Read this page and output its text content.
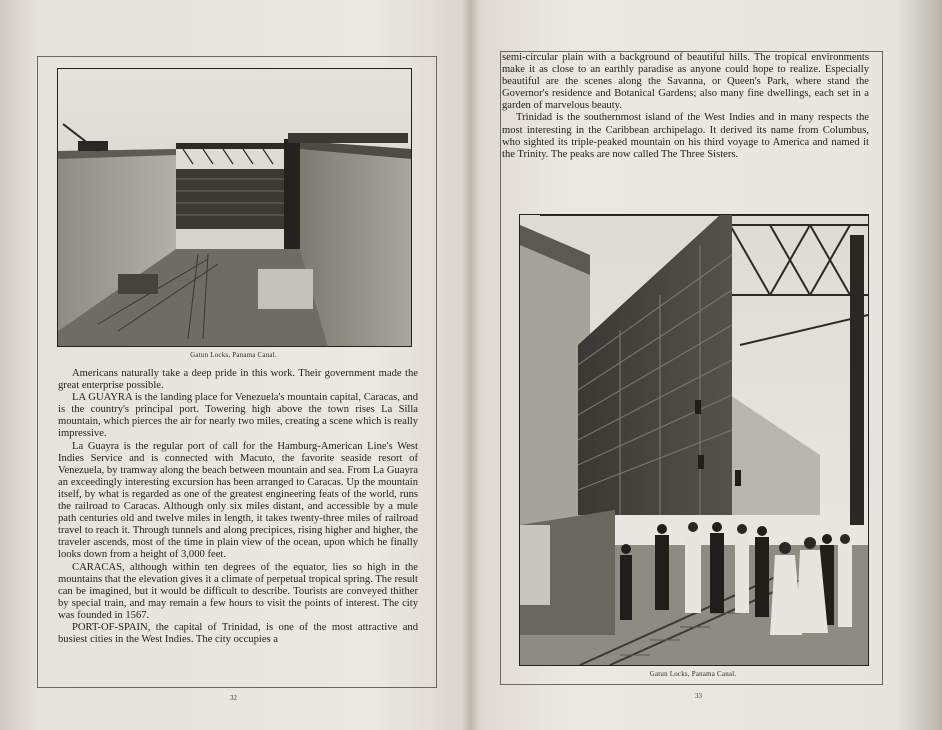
Gatun Locks, Panama Canal.

Americans naturally take a deep pride in this work. Their government made the great enterprise possible.

LA GUAYRA is the landing place for Venezuela's mountain capital, Caracas, and is the country's principal port. Towering high above the town rises La Silla mountain, which pierces the air for nearly two miles, creating a scene which is really impressive.

La Guayra is the regular port of call for the Hamburg-American Line's West Indies Service and is connected with Macuto, the favorite seaside resort of Venezuela, by tramway along the beach between mountain and sea. From La Guayra an exceedingly interesting excursion has been arranged to Caracas. Up the mountain itself, by what is regarded as one of the greatest engineering feats of the world, runs the railroad to Caracas. Although only six miles distant, and accessible by a mule path centuries old and twelve miles in length, it takes twenty-three miles of railroad travel to reach it. Through tunnels and along precipices, rising higher and higher, the traveler ascends, most of the time in plain view of the ocean, upon which he finally looks down from a height of 3,000 feet.

CARACAS, although within ten degrees of the equator, lies so high in the mountains that the elevation gives it a climate of perpetual tropical spring. The result can be imagined, but it would be difficult to describe. Tourists are conveyed thither by special train, and may remain a few hours to visit the points of interest. The city was founded in 1567.

PORT-OF-SPAIN, the capital of Trinidad, is one of the most attractive and busiest cities in the West Indies. The city occupies a

32

semi-circular plain with a background of beautiful hills. The tropical environments make it as close to an earthly paradise as anyone could hope to realize. Especially beautiful are the scenes along the Savanna, or Queen's Park, where stand the Governor's residence and Botanical Gardens; also many fine dwellings, each set in a garden of marvelous beauty.

Trinidad is the southernmost island of the West Indies and in many respects the most interesting in the Caribbean archipelago. It derived its name from Columbus, who sighted its triple-peaked mountain on his third voyage to America and named it the Trinity. The peaks are now called The Three Sisters.

Gatun Locks, Panama Canal.
33
